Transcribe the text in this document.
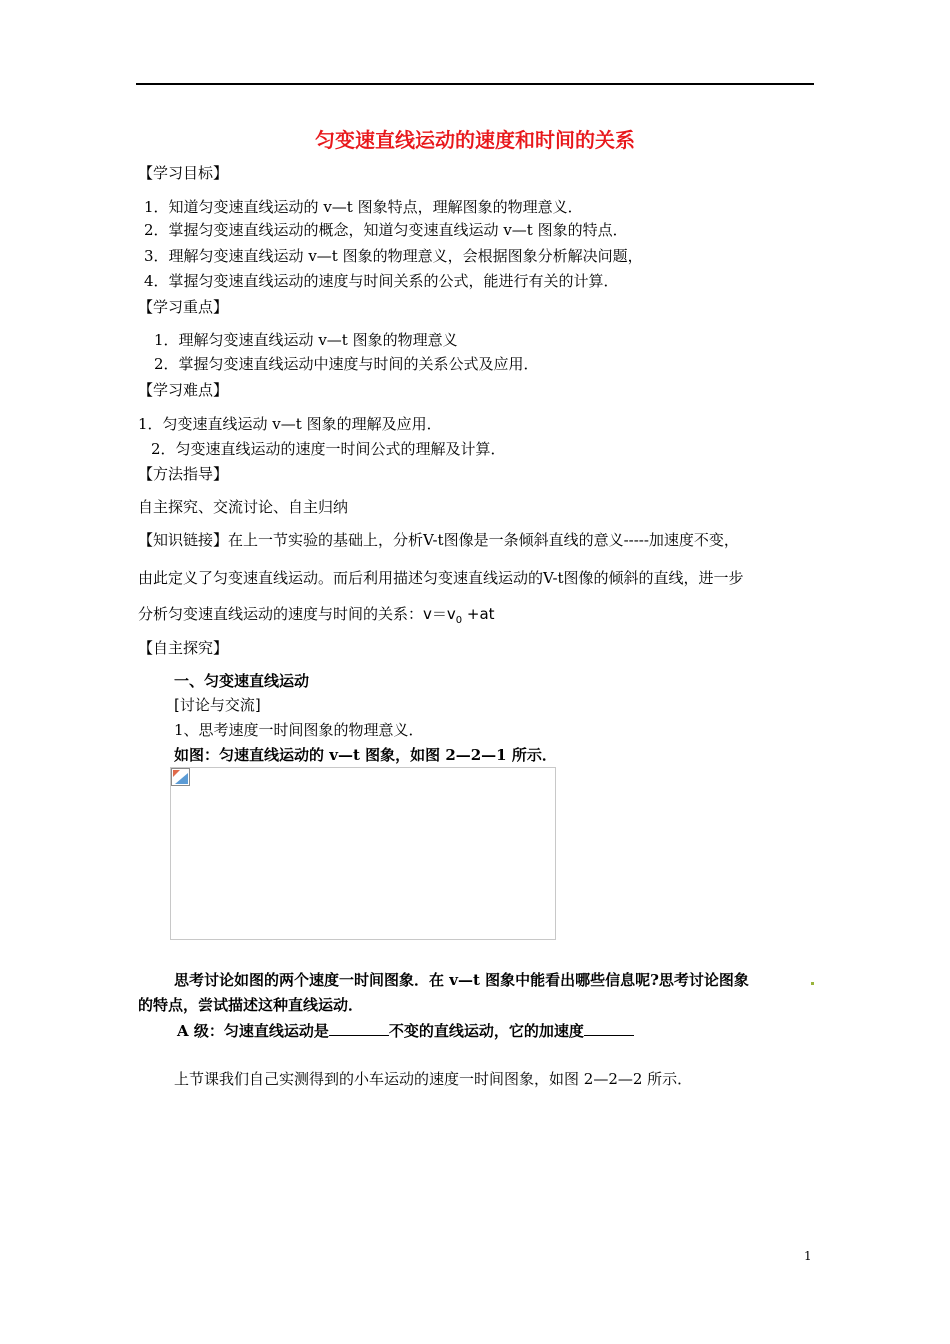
匀变速直线运动的速度和时间的关系
【学习目标】
1．知道匀变速直线运动的 v—t 图象特点，理解图象的物理意义．
2．掌握匀变速直线运动的概念，知道匀变速直线运动 v—t 图象的特点．
3．理解匀变速直线运动 v—t 图象的物理意义，会根据图象分析解决问题，
4．掌握匀变速直线运动的速度与时间关系的公式，能进行有关的计算．
【学习重点】
1．理解匀变速直线运动 v—t 图象的物理意义
2．掌握匀变速直线运动中速度与时间的关系公式及应用．
【学习难点】
1．匀变速直线运动 v—t 图象的理解及应用．
2．匀变速直线运动的速度一时间公式的理解及计算．
【方法指导】
自主探究、交流讨论、自主归纳
【知识链接】在上一节实验的基础上，分析V-t图像是一条倾斜直线的意义-----加速度不变，
由此定义了匀变速直线运动。而后利用描述匀变速直线运动的V-t图像的倾斜的直线，进一步
分析匀变速直线运动的速度与时间的关系：$v=v_0 +at$
【自主探究】
一、匀变速直线运动
[讨论与交流]
1、思考速度一时间图象的物理意义．
如图：匀速直线运动的 v—t 图象，如图 2—2—1 所示．
思考讨论如图的两个速度一时间图象．在 v—t 图象中能看出哪些信息呢?思考讨论图象
的特点，尝试描述这种直线运动．
A 级：匀速直线运动是	不变的直线运动，它的加速度
上节课我们自己实测得到的小车运动的速度一时间图象，如图 2—2—2 所示．
1
